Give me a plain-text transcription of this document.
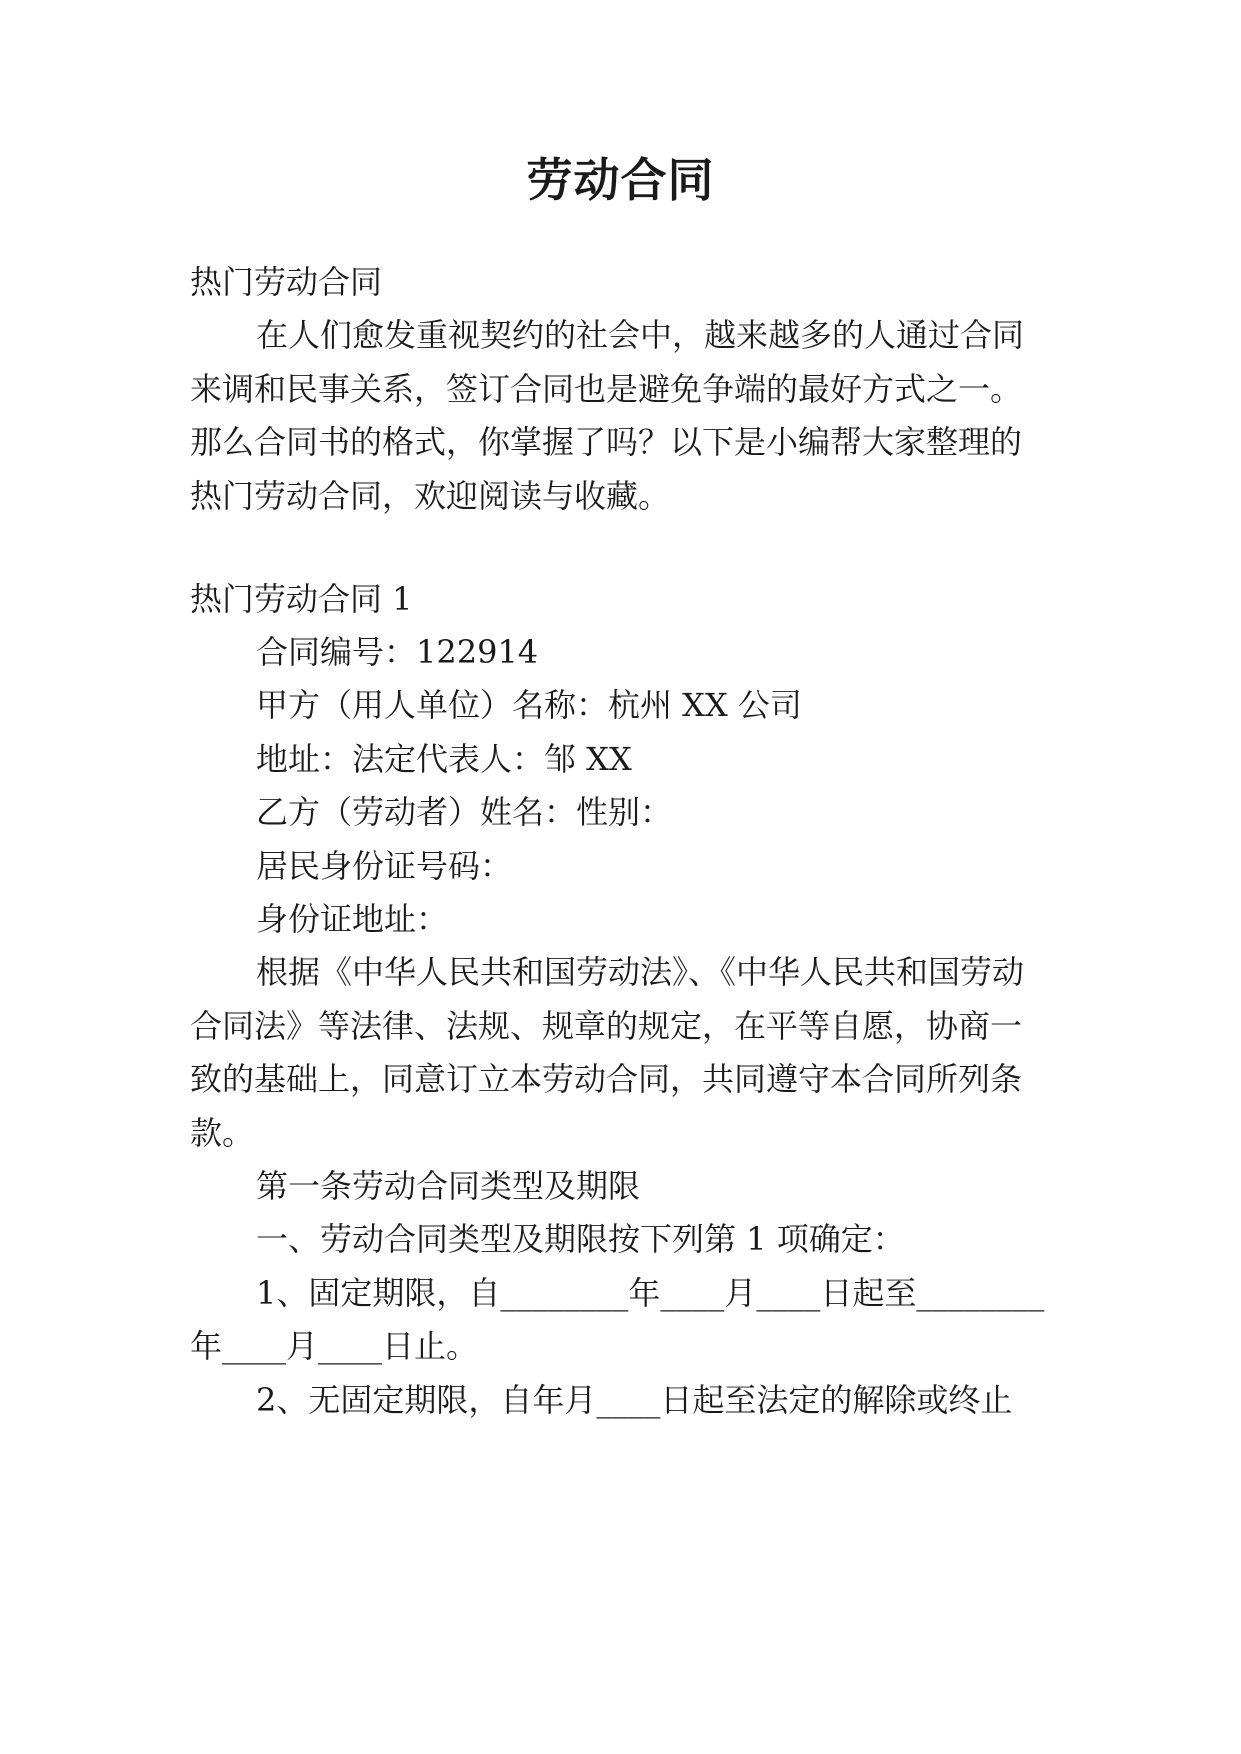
劳动合同
热门劳动合同
在人们愈发重视契约的社会中，越来越多的人通过合同
来调和民事关系，签订合同也是避免争端的最好方式之一。
那么合同书的格式，你掌握了吗？以下是小编帮大家整理的
热门劳动合同，欢迎阅读与收藏。
热门劳动合同 1
合同编号：122914
甲方（用人单位）名称：杭州 XX 公司
地址：法定代表人：邹 XX
乙方（劳动者）姓名：性别：
居民身份证号码：
身份证地址：
根据《中华人民共和国劳动法》、《中华人民共和国劳动
合同法》等法律、法规、规章的规定，在平等自愿，协商一
致的基础上，同意订立本劳动合同，共同遵守本合同所列条
款。
第一条劳动合同类型及期限
一、劳动合同类型及期限按下列第 1 项确定：
1、固定期限，自________年____月____日起至________
年____月____日止。
2、无固定期限，自年月____日起至法定的解除或终止
